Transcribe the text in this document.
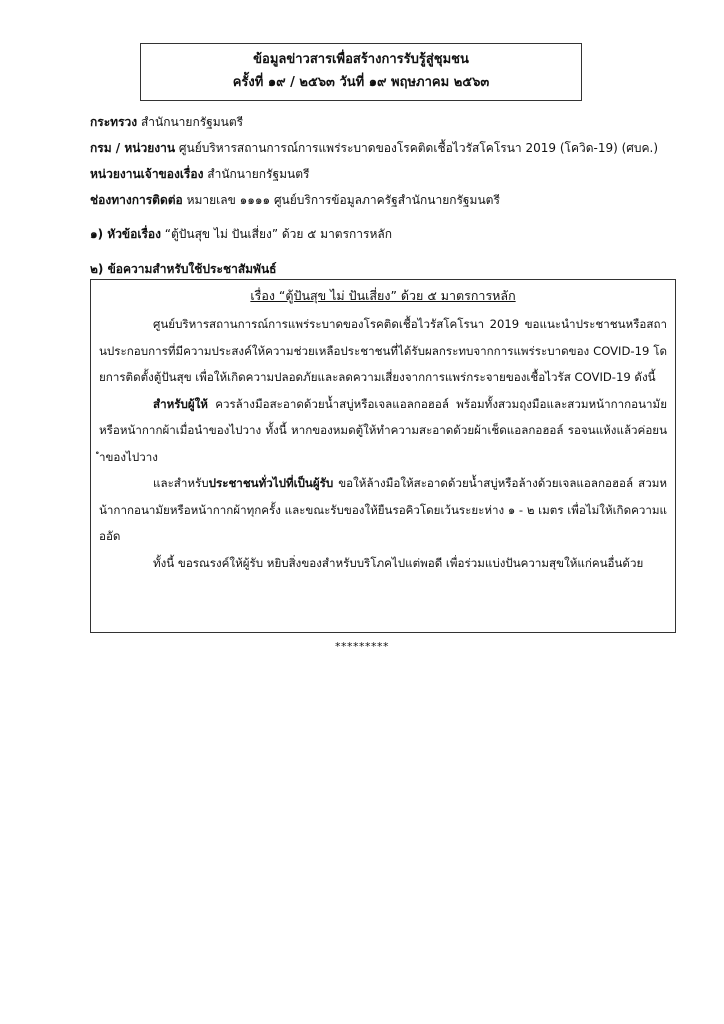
ข้อมูลข่าวสารเพื่อสร้างการรับรู้สู่ชุมชน
ครั้งที่ ๑๙ / ๒๕๖๓ วันที่ ๑๙ พฤษภาคม ๒๕๖๓
กระทรวง สำนักนายกรัฐมนตรี
กรม / หน่วยงาน ศูนย์บริหารสถานการณ์การแพร่ระบาดของโรคติดเชื้อไวรัสโคโรนา 2019 (โควิด-19) (ศบค.)
หน่วยงานเจ้าของเรื่อง สำนักนายกรัฐมนตรี
ช่องทางการติดต่อ หมายเลข ๑๑๑๑ ศูนย์บริการข้อมูลภาครัฐสำนักนายกรัฐมนตรี
๑) หัวข้อเรื่อง “ตู้ปันสุข ไม่ ปันเสี่ยง” ด้วย ๕ มาตรการหลัก
๒) ข้อความสำหรับใช้ประชาสัมพันธ์
เรื่อง “ตู้ปันสุข ไม่ ปันเสี่ยง” ด้วย ๕ มาตรการหลัก

ศูนย์บริหารสถานการณ์การแพร่ระบาดของโรคติดเชื้อไวรัสโคโรนา 2019 ขอแนะนำประชาชนหรือสถานประกอบการที่มีความประสงค์ให้ความช่วยเหลือประชาชนที่ได้รับผลกระทบจากการแพร่ระบาดของ COVID-19 โดยการติดตั้งตู้ปันสุข เพื่อให้เกิดความปลอดภัยและลดความเสี่ยงจากการแพร่กระจายของเชื้อไวรัส COVID-19 ดังนี้

สำหรับผู้ให้ ควรล้างมือสะอาดด้วยน้ำสบู่หรือเจลแอลกอฮอล์ พร้อมทั้งสวมถุงมือและสวมหน้ากากอนามัยหรือหน้ากากผ้าเมื่อนำของไปวาง ทั้งนี้ หากของหมดตู้ให้ทำความสะอาดด้วยผ้าเช็ดแอลกอฮอล์ รอจนแห้งแล้วค่อยนำของไปวาง

และสำหรับประชาชนทั่วไปที่เป็นผู้รับ ขอให้ล้างมือให้สะอาดด้วยน้ำสบู่หรือล้างด้วยเจลแอลกอฮอล์ สวมหน้ากากอนามัยหรือหน้ากากผ้าทุกครั้ง และขณะรับของให้ยืนรอคิวโดยเว้นระยะห่าง ๑ - ๒ เมตร เพื่อไม่ให้เกิดความแออัด

ทั้งนี้ ขอรณรงค์ให้ผู้รับ หยิบสิ่งของสำหรับบริโภคไปแต่พอดี เพื่อร่วมแบ่งปันความสุขให้แก่คนอื่นด้วย

*********
